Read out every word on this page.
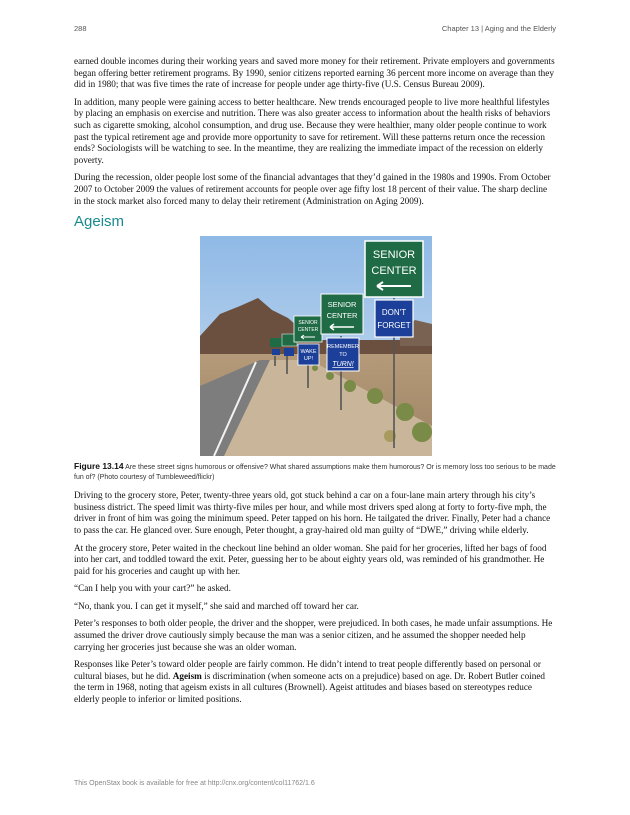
288	Chapter 13 | Aging and the Elderly

earned double incomes during their working years and saved more money for their retirement. Private employers and governments began offering better retirement programs. By 1990, senior citizens reported earning 36 percent more income on average than they did in 1980; that was five times the rate of increase for people under age thirty-five (U.S. Census Bureau 2009).

In addition, many people were gaining access to better healthcare. New trends encouraged people to live more healthful lifestyles by placing an emphasis on exercise and nutrition. There was also greater access to information about the health risks of behaviors such as cigarette smoking, alcohol consumption, and drug use. Because they were healthier, many older people continue to work past the typical retirement age and provide more opportunity to save for retirement. Will these patterns return once the recession ends? Sociologists will be watching to see. In the meantime, they are realizing the immediate impact of the recession on elderly poverty.

During the recession, older people lost some of the financial advantages that they’d gained in the 1980s and 1990s. From October 2007 to October 2009 the values of retirement accounts for people over age fifty lost 18 percent of their value. The sharp decline in the stock market also forced many to delay their retirement (Administration on Aging 2009).

Ageism
SENIOR
CENTER
WAKE
UP!
SENIOR
CENTER
REMEMBER
TO
TURN!
SENIOR
CENTER
DON'T
FORGET

Figure 13.14 Are these street signs humorous or offensive? What shared assumptions make them humorous? Or is memory loss too serious to be made fun of? (Photo courtesy of Tumbleweed/flickr)

Driving to the grocery store, Peter, twenty-three years old, got stuck behind a car on a four-lane main artery through his city’s business district. The speed limit was thirty-five miles per hour, and while most drivers sped along at forty to forty-five mph, the driver in front of him was going the minimum speed. Peter tapped on his horn. He tailgated the driver. Finally, Peter had a chance to pass the car. He glanced over. Sure enough, Peter thought, a gray-haired old man guilty of “DWE,” driving while elderly.

At the grocery store, Peter waited in the checkout line behind an older woman. She paid for her groceries, lifted her bags of food into her cart, and toddled toward the exit. Peter, guessing her to be about eighty years old, was reminded of his grandmother. He paid for his groceries and caught up with her.

“Can I help you with your cart?” he asked.

“No, thank you. I can get it myself,” she said and marched off toward her car.

Peter’s responses to both older people, the driver and the shopper, were prejudiced. In both cases, he made unfair assumptions. He assumed the driver drove cautiously simply because the man was a senior citizen, and he assumed the shopper needed help carrying her groceries just because she was an older woman.

Responses like Peter’s toward older people are fairly common. He didn’t intend to treat people differently based on personal or cultural biases, but he did. Ageism is discrimination (when someone acts on a prejudice) based on age. Dr. Robert Butler coined the term in 1968, noting that ageism exists in all cultures (Brownell). Ageist attitudes and biases based on stereotypes reduce elderly people to inferior or limited positions.

This OpenStax book is available for free at http://cnx.org/content/col11762/1.6
